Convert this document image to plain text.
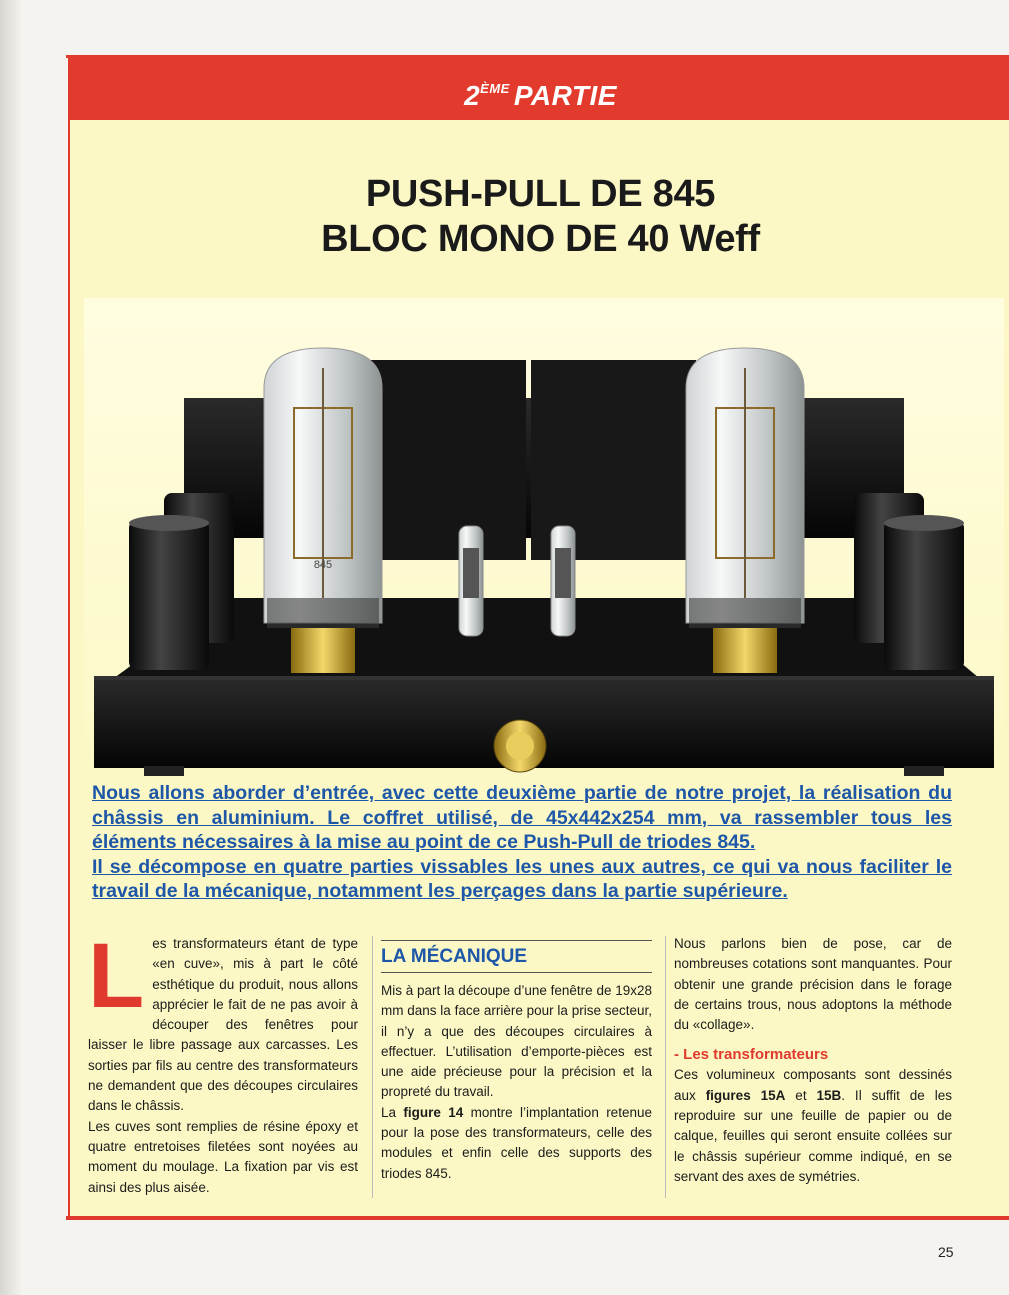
2ÈME PARTIE
PUSH-PULL DE 845
BLOC MONO DE 40 Weff
845

Nous allons aborder d’entrée, avec cette deuxième partie de notre projet, la réalisation du châssis en aluminium. Le coffret utilisé, de 45x442x254 mm, va rassembler tous les éléments nécessaires à la mise au point de ce Push-Pull de triodes 845.

Il se décompose en quatre parties vissables les unes aux autres, ce qui va nous faciliter le travail de la mécanique, notamment les perçages dans la partie supérieure.

L es transformateurs étant de type «en cuve», mis à part le côté esthétique du produit, nous allons apprécier le fait de ne pas avoir à découper des fenêtres pour laisser le libre passage aux carcasses. Les sorties par fils au centre des transformateurs ne demandent que des découpes circulaires dans le châssis.

Les cuves sont remplies de résine époxy et quatre entretoises filetées sont noyées au moment du moulage. La fixation par vis est ainsi des plus aisée.

LA MÉCANIQUE

Mis à part la découpe d’une fenêtre de 19x28 mm dans la face arrière pour la prise secteur, il n’y a que des découpes circulaires à effectuer. L’utilisation d’emporte-pièces est une aide précieuse pour la précision et la propreté du travail.

La figure 14 montre l’implantation retenue pour la pose des transformateurs, celle des modules et enfin celle des supports des triodes 845.

Nous parlons bien de pose, car de nombreuses cotations sont manquantes. Pour obtenir une grande précision dans le forage de certains trous, nous adoptons la méthode du «collage».

- Les transformateurs

Ces volumineux composants sont dessinés aux figures 15A et 15B. Il suffit de les reproduire sur une feuille de papier ou de calque, feuilles qui seront ensuite collées sur le châssis supérieur comme indiqué, en se servant des axes de symétries.

25
